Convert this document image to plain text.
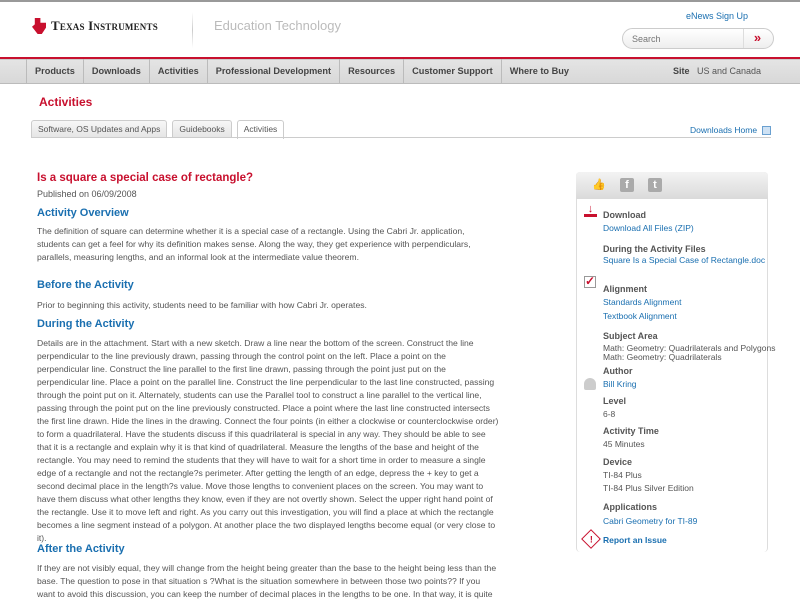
Texas Instruments	Education Technology
eNews Sign Up
Search
»
Products	Downloads	Activities	Professional Development	Resources	Customer Support	Where to Buy	Site US and Canada
Activities
Software, OS Updates and Apps	Guidebooks	Activities	Downloads Home
Is a square a special case of rectangle?
Published on 06/09/2008
Activity Overview
The definition of square can determine whether it is a special case of a rectangle. Using the Cabri Jr. application,
students can get a feel for why its definition makes sense. Along the way, they get experience with perpendiculars,
parallels, measuring lengths, and an informal look at the intermediate value theorem.
Before the Activity
Prior to beginning this activity, students need to be familiar with how Cabri Jr. operates.
During the Activity
Details are in the attachment. Start with a new sketch. Draw a line near the bottom of the screen. Construct the line
perpendicular to the line previously drawn, passing through the control point on the left. Place a point on the
perpendicular line. Construct the line parallel to the first line drawn, passing through the point just put on the
perpendicular line. Place a point on the parallel line. Construct the line perpendicular to the last line constructed, passing
through the point put on it. Alternately, students can use the Parallel tool to construct a line parallel to the vertical line,
passing through the point put on the line previously constructed. Place a point where the last line constructed intersects
the first line drawn. Hide the lines in the drawing. Connect the four points (in either a clockwise or counterclockwise order)
to form a quadrilateral. Have the students discuss if this quadrilateral is special in any way. They should be able to see
that it is a rectangle and explain why it is that kind of quadrilateral. Measure the lengths of the base and height of the
rectangle. You may need to remind the students that they will have to wait for a short time in order to measure a single
edge of a rectangle and not the rectangle?s perimeter. After getting the length of an edge, depress the + key to get a
second decimal place in the length?s value. Move those lengths to convenient places on the screen. You may want to
have them discuss what other lengths they know, even if they are not overtly shown. Select the upper right hand point of
the rectangle. Use it to move left and right. As you carry out this investigation, you will find a place at which the rectangle
becomes a line segment instead of a polygon. At another place the two displayed lengths become equal (or very close to
it).
After the Activity
If they are not visibly equal, they will change from the height being greater than the base to the height being less than the
base. The question to pose in that situation s ?What is the situation somewhere in between those two points?? If you
want to avoid this discussion, you can keep the number of decimal places in the lengths to be one. In that way, it is quite
👍	f	t
↓	Download
Download All Files (ZIP)
During the Activity Files
Square Is a Special Case of Rectangle.doc
✓
Alignment
Standards Alignment
Textbook Alignment
Subject Area
Math: Geometry: Quadrilaterals and Polygons
Math: Geometry: Quadrilaterals
Author
Bill Kring
Level
6-8
Activity Time
45 Minutes
Device
TI-84 Plus
TI-84 Plus Silver Edition
Applications
Cabri Geometry for TI-89
!	Report an Issue
